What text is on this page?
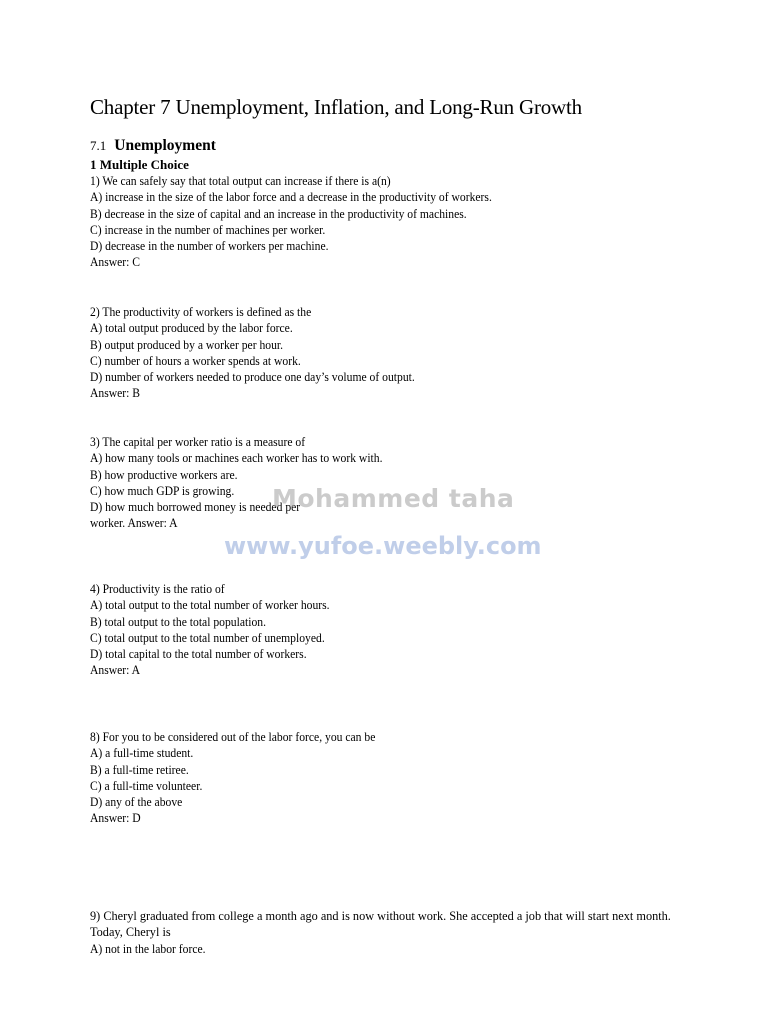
Chapter 7 Unemployment, Inflation, and Long-Run Growth
7.1 Unemployment
1 Multiple Choice
1) We can safely say that total output can increase if there is a(n)
A) increase in the size of the labor force and a decrease in the productivity of workers.
B) decrease in the size of capital and an increase in the productivity of machines.
C) increase in the number of machines per worker.
D) decrease in the number of workers per machine.
Answer: C
2) The productivity of workers is defined as the
A) total output produced by the labor force.
B) output produced by a worker per hour.
C) number of hours a worker spends at work.
D) number of workers needed to produce one day’s volume of output.
Answer: B
3) The capital per worker ratio is a measure of
A) how many tools or machines each worker has to work with.
B) how productive workers are.
C) how much GDP is growing.
D) how much borrowed money is needed per
worker. Answer: A
4) Productivity is the ratio of
A) total output to the total number of worker hours.
B) total output to the total population.
C) total output to the total number of unemployed.
D) total capital to the total number of workers.
Answer: A
8) For you to be considered out of the labor force, you can be
A) a full-time student.
B) a full-time retiree.
C) a full-time volunteer.
D) any of the above
Answer: D
9) Cheryl graduated from college a month ago and is now without work. She accepted a job that will start next month. Today, Cheryl is
A) not in the labor force.
Mohammed taha
www.yufoe.weebly.com
